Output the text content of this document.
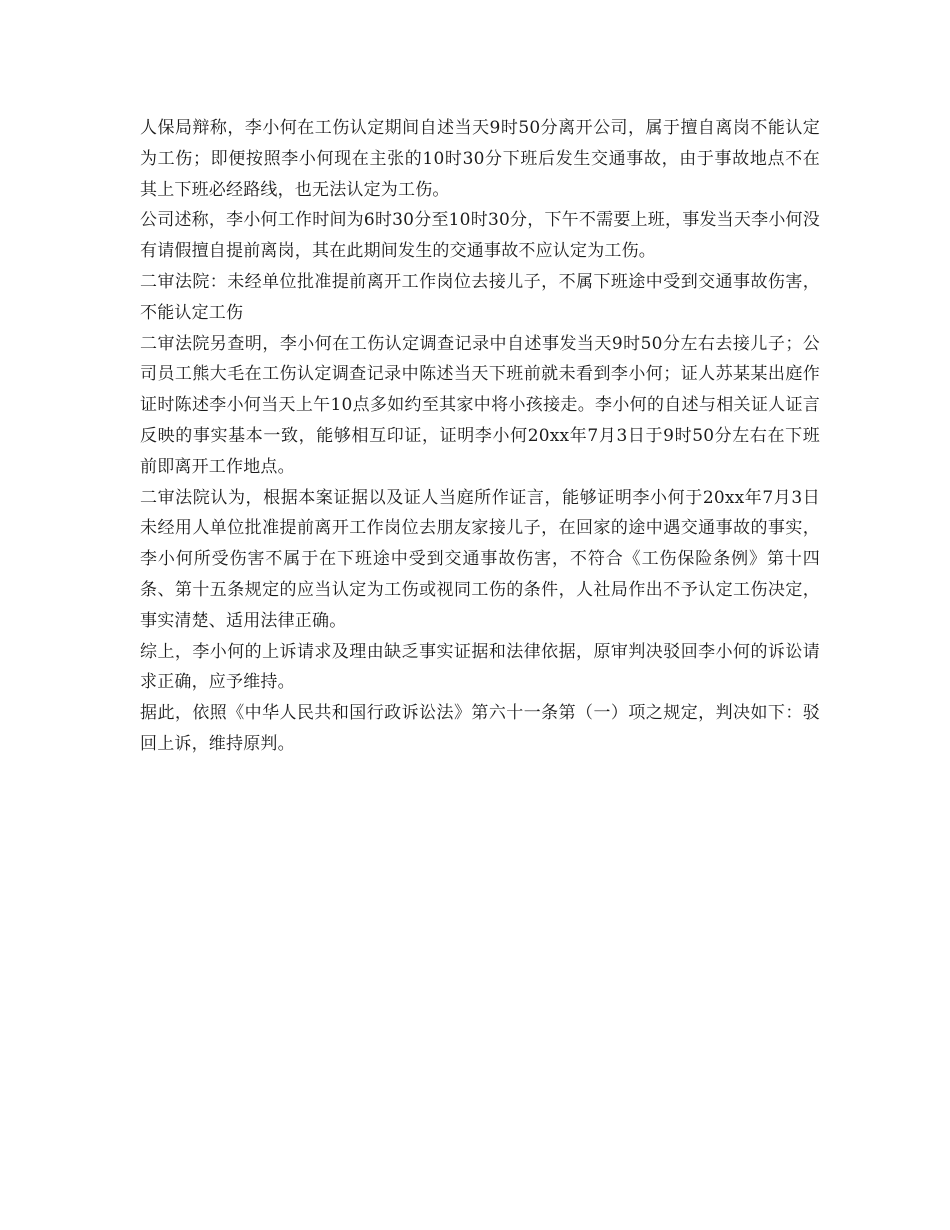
人保局辩称，李小何在工伤认定期间自述当天9时50分离开公司，属于擅自离岗不能认定为工伤；即便按照李小何现在主张的10时30分下班后发生交通事故，由于事故地点不在其上下班必经路线，也无法认定为工伤。

公司述称，李小何工作时间为6时30分至10时30分，下午不需要上班，事发当天李小何没有请假擅自提前离岗，其在此期间发生的交通事故不应认定为工伤。

二审法院：未经单位批准提前离开工作岗位去接儿子，不属下班途中受到交通事故伤害，不能认定工伤

二审法院另查明，李小何在工伤认定调查记录中自述事发当天9时50分左右去接儿子；公司员工熊大毛在工伤认定调查记录中陈述当天下班前就未看到李小何；证人苏某某出庭作证时陈述李小何当天上午10点多如约至其家中将小孩接走。李小何的自述与相关证人证言反映的事实基本一致，能够相互印证，证明李小何20xx年7月3日于9时50分左右在下班前即离开工作地点。

二审法院认为，根据本案证据以及证人当庭所作证言，能够证明李小何于20xx年7月3日未经用人单位批准提前离开工作岗位去朋友家接儿子，在回家的途中遇交通事故的事实，李小何所受伤害不属于在下班途中受到交通事故伤害，不符合《工伤保险条例》第十四条、第十五条规定的应当认定为工伤或视同工伤的条件，人社局作出不予认定工伤决定，事实清楚、适用法律正确。

综上，李小何的上诉请求及理由缺乏事实证据和法律依据，原审判决驳回李小何的诉讼请求正确，应予维持。

据此，依照《中华人民共和国行政诉讼法》第六十一条第（一）项之规定，判决如下：驳回上诉，维持原判。
